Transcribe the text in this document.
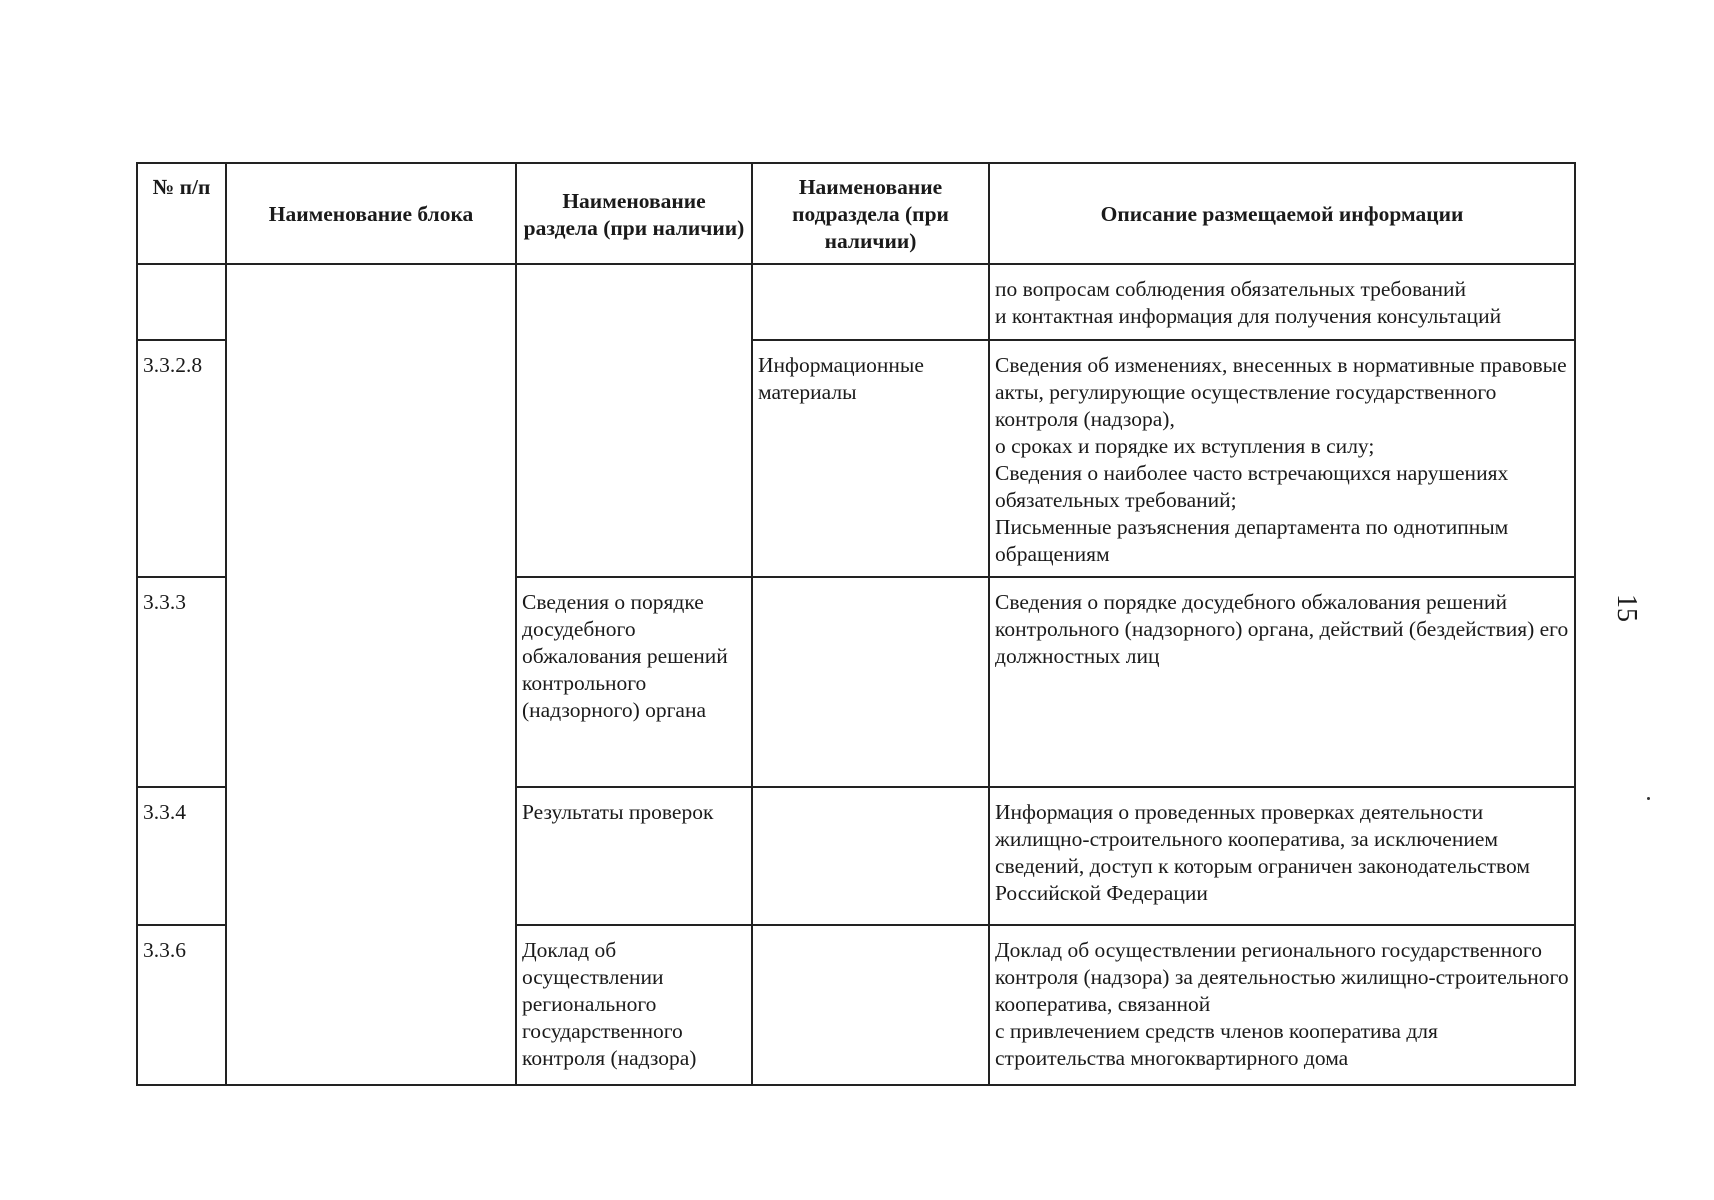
№ п/п	Наименование блока	Наименование раздела (при наличии)	Наименование подраздела (при наличии)	Описание размещаемой информации

				по вопросам соблюдения обязательных требований
и контактная информация для получения консультаций

3.3.2.8			Информационные материалы	Сведения об изменениях, внесенных в нормативные правовые акты, регулирующие осуществление государственного контроля (надзора),
о сроках и порядке их вступления в силу;
Сведения о наиболее часто встречающихся нарушениях обязательных требований;
Письменные разъяснения департамента по однотипным обращениям

3.3.3		Сведения о порядке досудебного обжалования решений контрольного (надзорного) органа		Сведения о порядке досудебного обжалования решений контрольного (надзорного) органа, действий (бездействия) его должностных лиц

3.3.4		Результаты проверок		Информация о проведенных проверках деятельности жилищно-строительного кооператива, за исключением сведений, доступ к которым ограничен законодательством Российской Федерации

3.3.6		Доклад об осуществлении регионального государственного контроля (надзора)		Доклад об осуществлении регионального государственного контроля (надзора) за деятельностью жилищно-строительного кооператива, связанной
с привлечением средств членов кооператива для строительства многоквартирного дома
15
